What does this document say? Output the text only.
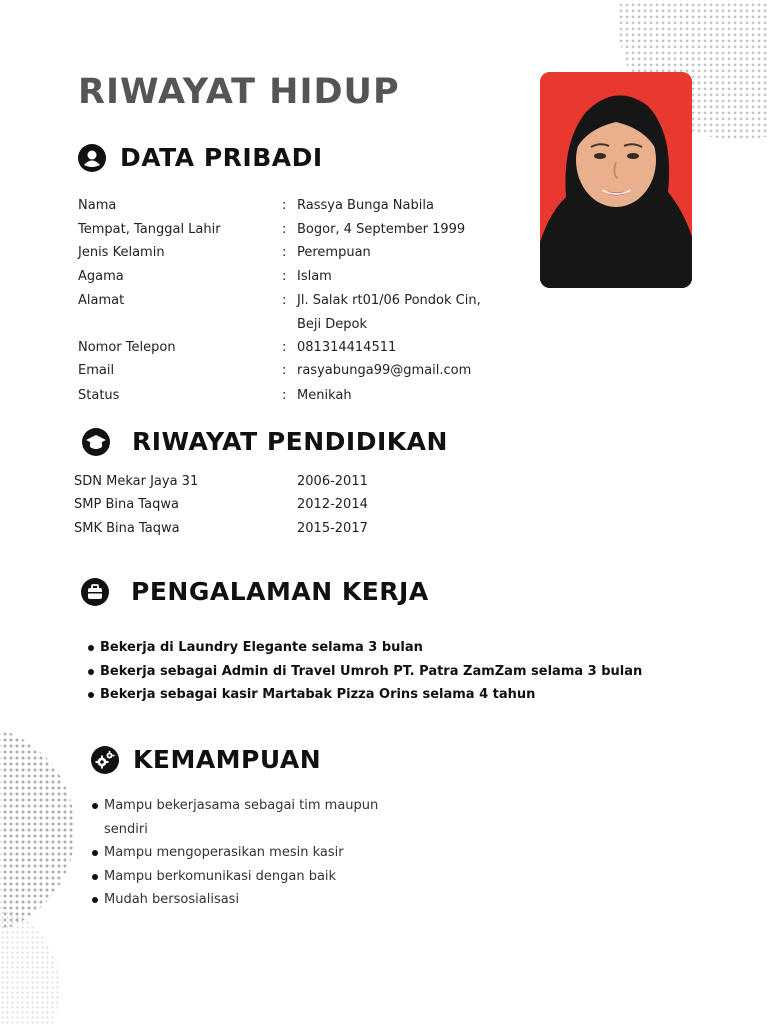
RIWAYAT HIDUP
DATA PRIBADI
Nama	: Rassya Bunga Nabila
Tempat, Tanggal Lahir	: Bogor, 4 September 1999
Jenis Kelamin	: Perempuan
Agama	: Islam
Alamat	: Jl. Salak rt01/06 Pondok Cin,
Beji Depok
Nomor Telepon	: 081314414511
Email	: rasyabunga99@gmail.com
Status	: Menikah
RIWAYAT PENDIDIKAN
SDN Mekar Jaya 31	2006-2011
SMP Bina Taqwa	2012-2014
SMK Bina Taqwa	2015-2017
PENGALAMAN KERJA
Bekerja di Laundry Elegante selama 3 bulan
Bekerja sebagai Admin di Travel Umroh PT. Patra ZamZam selama 3 bulan
Bekerja sebagai kasir Martabak Pizza Orins selama 4 tahun
KEMAMPUAN
Mampu bekerjasama sebagai tim maupun sendiri
Mampu mengoperasikan mesin kasir
Mampu berkomunikasi dengan baik
Mudah bersosialisasi
